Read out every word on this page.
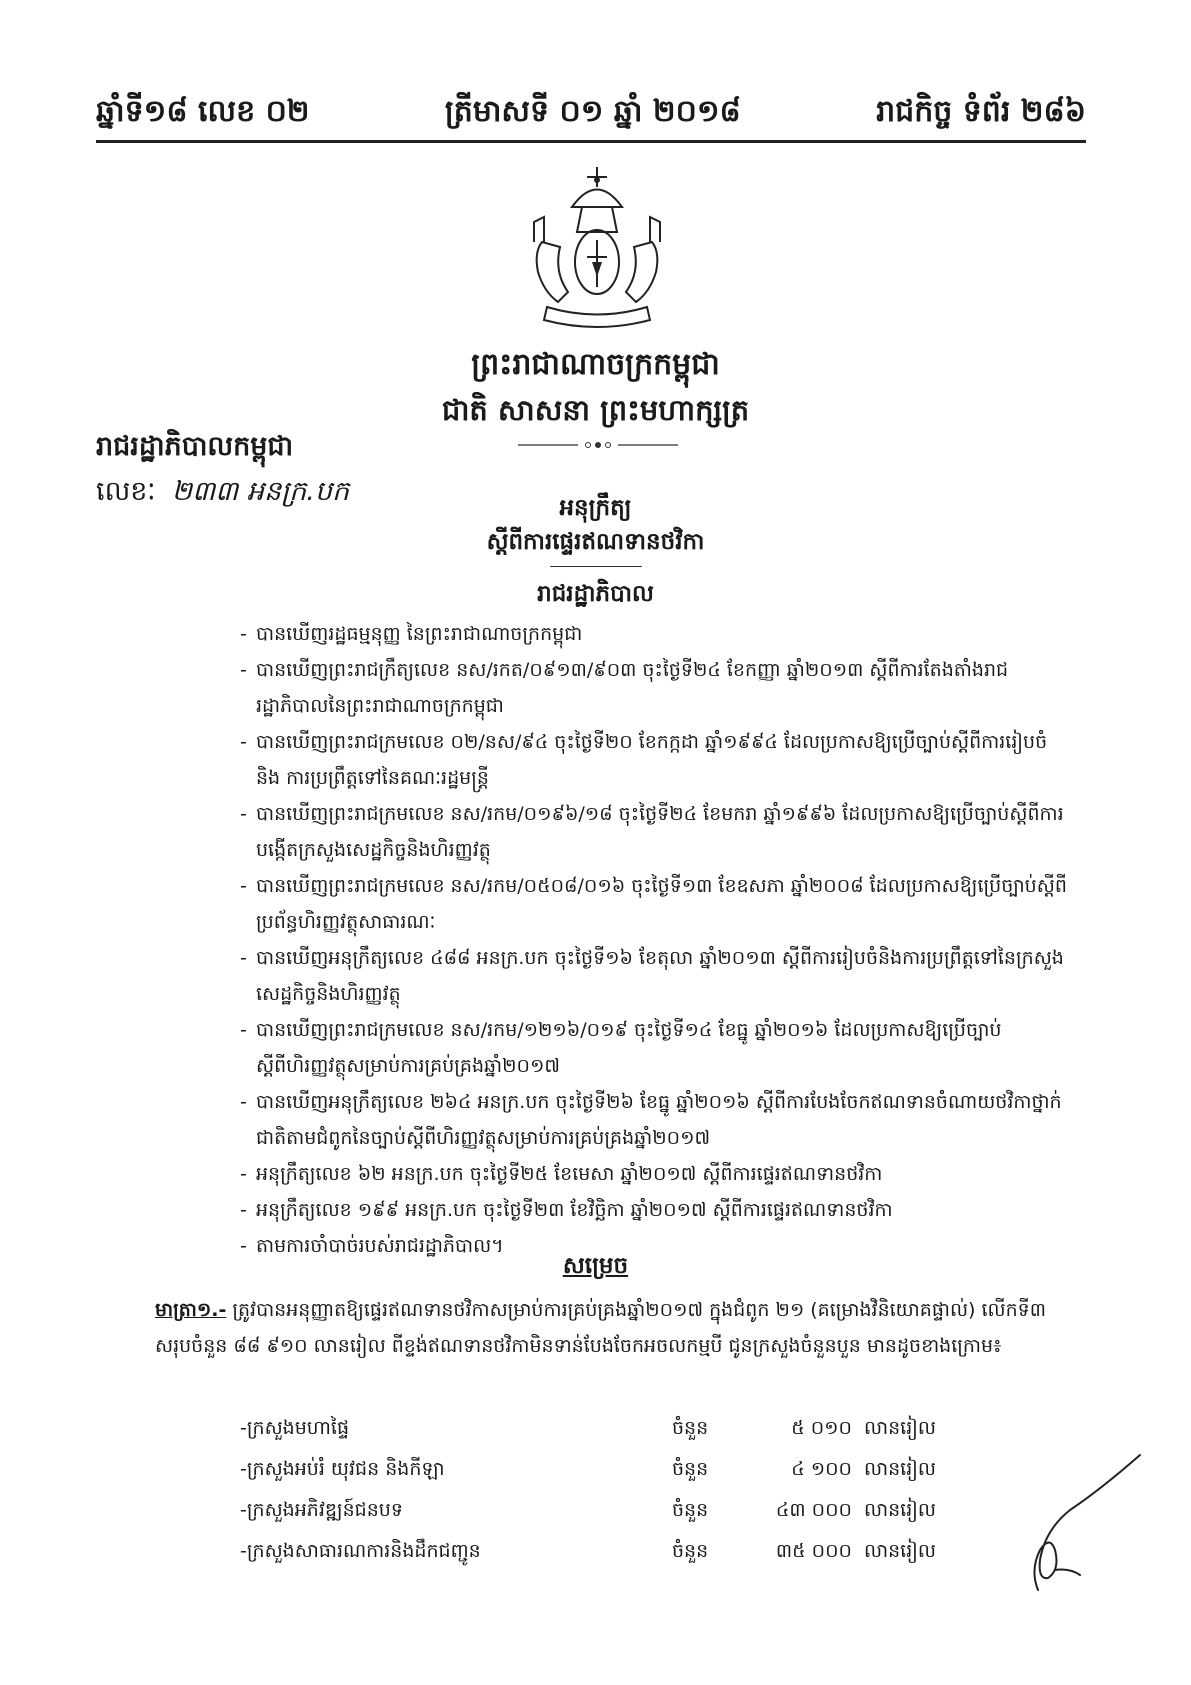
ឆ្នាំទី១៨ លេខ ០២	ត្រីមាសទី ០១ ឆ្នាំ ២០១៨	រាជកិច្ច ទំព័រ ២៨៦
ព្រះរាជាណាចក្រកម្ពុជា
ជាតិ សាសនា ព្រះមហាក្សត្រ
រាជរដ្ឋាភិបាលកម្ពុជា
លេខៈ ២៣៣ អនក្រ.បក
អនុក្រឹត្យ
ស្តីពីការផ្ទេរឥណទានថវិកា
រាជរដ្ឋាភិបាល
- បានឃើញរដ្ឋធម្មនុញ្ញ នៃព្រះរាជាណាចក្រកម្ពុជា
- បានឃើញព្រះរាជក្រឹត្យលេខ នស/រកត/០៩១៣/៩០៣ ចុះថ្ងៃទី២៤ ខែកញ្ញា ឆ្នាំ២០១៣ ស្តីពីការតែងតាំងរាជរដ្ឋាភិបាលនៃព្រះរាជាណាចក្រកម្ពុជា
- បានឃើញព្រះរាជក្រមលេខ ០២/នស/៩៤ ចុះថ្ងៃទី២០ ខែកក្កដា ឆ្នាំ១៩៩៤ ដែលប្រកាសឱ្យប្រើច្បាប់ស្តីពីការរៀបចំ និង ការប្រព្រឹត្តទៅនៃគណៈរដ្ឋមន្ត្រី
- បានឃើញព្រះរាជក្រមលេខ នស/រកម/០១៩៦/១៨ ចុះថ្ងៃទី២៤ ខែមករា ឆ្នាំ១៩៩៦ ដែលប្រកាសឱ្យប្រើច្បាប់ស្តីពីការបង្កើតក្រសួងសេដ្ឋកិច្ចនិងហិរញ្ញវត្ថុ
- បានឃើញព្រះរាជក្រមលេខ នស/រកម/០៥០៨/០១៦ ចុះថ្ងៃទី១៣ ខែឧសភា ឆ្នាំ២០០៨ ដែលប្រកាសឱ្យប្រើច្បាប់ស្តីពីប្រព័ន្ធហិរញ្ញវត្ថុសាធារណៈ
- បានឃើញអនុក្រឹត្យលេខ ៤៨៨ អនក្រ.បក ចុះថ្ងៃទី១៦ ខែតុលា ឆ្នាំ២០១៣ ស្តីពីការរៀបចំនិងការប្រព្រឹត្តទៅនៃក្រសួងសេដ្ឋកិច្ចនិងហិរញ្ញវត្ថុ
- បានឃើញព្រះរាជក្រមលេខ នស/រកម/១២១៦/០១៩ ចុះថ្ងៃទី១៤ ខែធ្នូ ឆ្នាំ២០១៦ ដែលប្រកាសឱ្យប្រើច្បាប់ស្តីពីហិរញ្ញវត្ថុសម្រាប់ការគ្រប់គ្រងឆ្នាំ២០១៧
- បានឃើញអនុក្រឹត្យលេខ ២៦៤ អនក្រ.បក ចុះថ្ងៃទី២៦ ខែធ្នូ ឆ្នាំ២០១៦ ស្តីពីការបែងចែកឥណទានចំណាយថវិកាថ្នាក់ជាតិតាមជំពូកនៃច្បាប់ស្តីពីហិរញ្ញវត្ថុសម្រាប់ការគ្រប់គ្រងឆ្នាំ២០១៧
- អនុក្រឹត្យលេខ ៦២ អនក្រ.បក ចុះថ្ងៃទី២៥ ខែមេសា ឆ្នាំ២០១៧ ស្តីពីការផ្ទេរឥណទានថវិកា
- អនុក្រឹត្យលេខ ១៩៩ អនក្រ.បក ចុះថ្ងៃទី២៣ ខែវិច្ឆិកា ឆ្នាំ២០១៧ ស្តីពីការផ្ទេរឥណទានថវិកា
- តាមការចាំបាច់របស់រាជរដ្ឋាភិបាល។
សម្រេច
មាត្រា១.- ត្រូវបានអនុញ្ញាតឱ្យផ្ទេរឥណទានថវិកាសម្រាប់ការគ្រប់គ្រងឆ្នាំ២០១៧ ក្នុងជំពូក ២១ (គម្រោងវិនិយោគផ្ទាល់) លើកទី៣ សរុបចំនួន ៨៨ ៩១០ លានរៀល ពីខ្ទង់ឥណទានថវិកាមិនទាន់បែងចែកអចលកម្មបី ជូនក្រសួងចំនួនបួន មានដូចខាងក្រោម៖
-ក្រសួងមហាផ្ទៃ	ចំនួន	៥ ០១០ លានរៀល
-ក្រសួងអប់រំ យុវជន និងកីឡា	ចំនួន	៤ ១០០ លានរៀល
-ក្រសួងអភិវឌ្ឍន៍ជនបទ	ចំនួន	៤៣ ០០០ លានរៀល
-ក្រសួងសាធារណការនិងដឹកជញ្ជូន	ចំនួន	៣៥ ០០០ លានរៀល
